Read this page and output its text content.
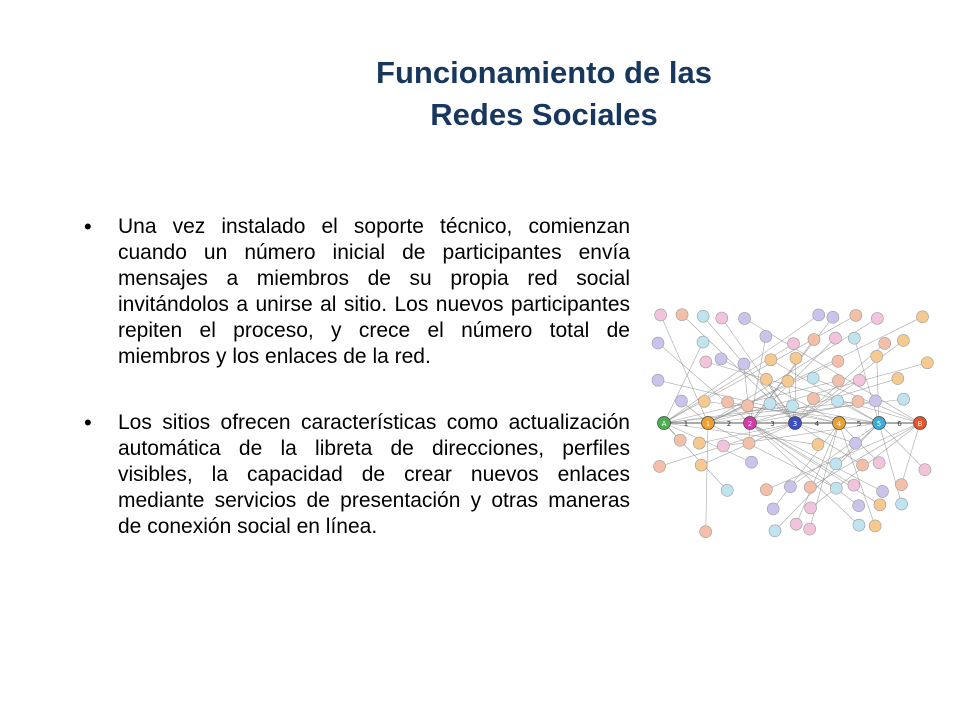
Funcionamiento de las
Redes Sociales
• Una vez instalado el soporte técnico, comienzan cuando un número inicial de participantes envía mensajes a miembros de su propia red social invitándolos a unirse al sitio. Los nuevos participantes repiten el proceso, y crece el número total de miembros y los enlaces de la red.
• Los sitios ofrecen características como actualización automática de la libreta de direcciones, perfiles visibles, la capacidad de crear nuevos enlaces mediante servicios de presentación y otras maneras de conexión social en línea.
1	2	3	4	5	6
A	1	2	3	4	5	B
